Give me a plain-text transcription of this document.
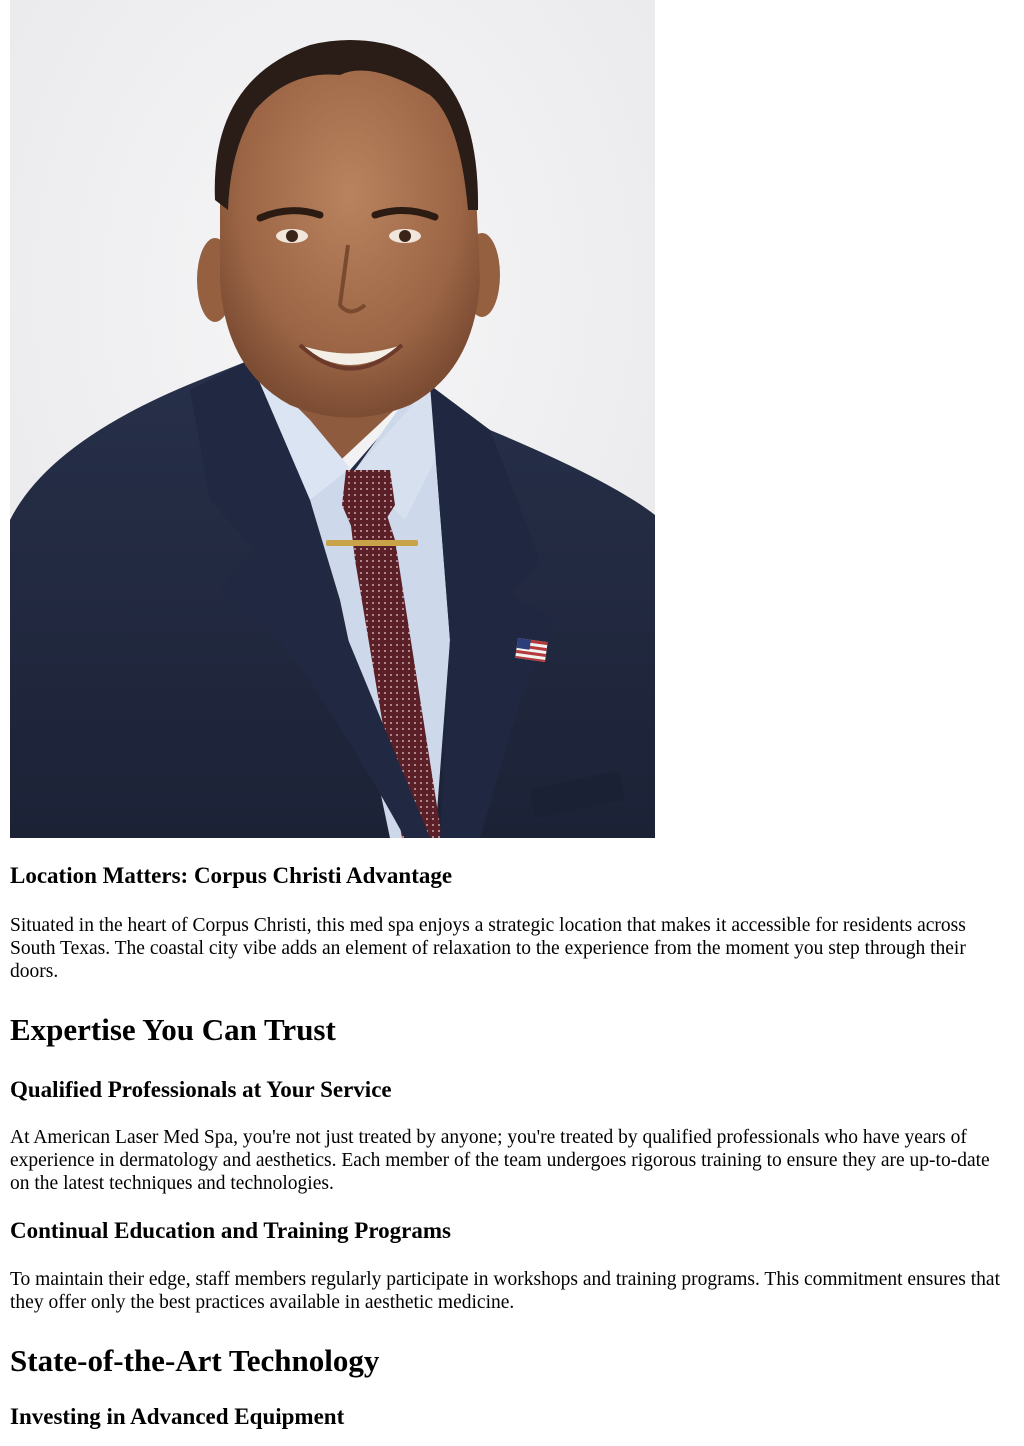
Location Matters: Corpus Christi Advantage

Situated in the heart of Corpus Christi, this med spa enjoys a strategic location that makes it accessible for residents across South Texas. The coastal city vibe adds an element of relaxation to the experience from the moment you step through their doors.

Expertise You Can Trust
Qualified Professionals at Your Service

At American Laser Med Spa, you're not just treated by anyone; you're treated by qualified professionals who have years of experience in dermatology and aesthetics. Each member of the team undergoes rigorous training to ensure they are up-to-date on the latest techniques and technologies.

Continual Education and Training Programs

To maintain their edge, staff members regularly participate in workshops and training programs. This commitment ensures that they offer only the best practices available in aesthetic medicine.

State-of-the-Art Technology
Investing in Advanced Equipment
